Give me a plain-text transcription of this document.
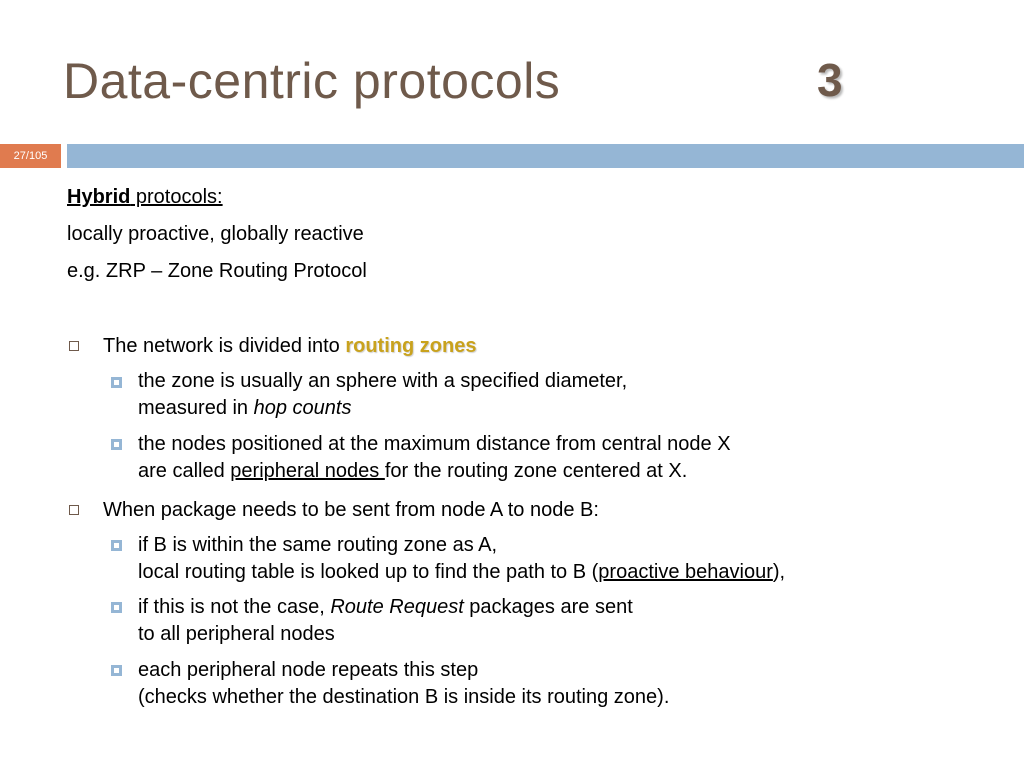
Data-centric protocols	3
27/105

Hybrid protocols:

locally proactive, globally reactive

e.g. ZRP – Zone Routing Protocol

The network is divided into routing zones
the zone is usually an sphere with a specified diameter,
measured in hop counts
the nodes positioned at the maximum distance from central node X
are called peripheral nodes for the routing zone centered at X.
When package needs to be sent from node A to node B:
if B is within the same routing zone as A,
local routing table is looked up to find the path to B (proactive behaviour),
if this is not the case, Route Request packages are sent
to all peripheral nodes
each peripheral node repeats this step
(checks whether the destination B is inside its routing zone).
